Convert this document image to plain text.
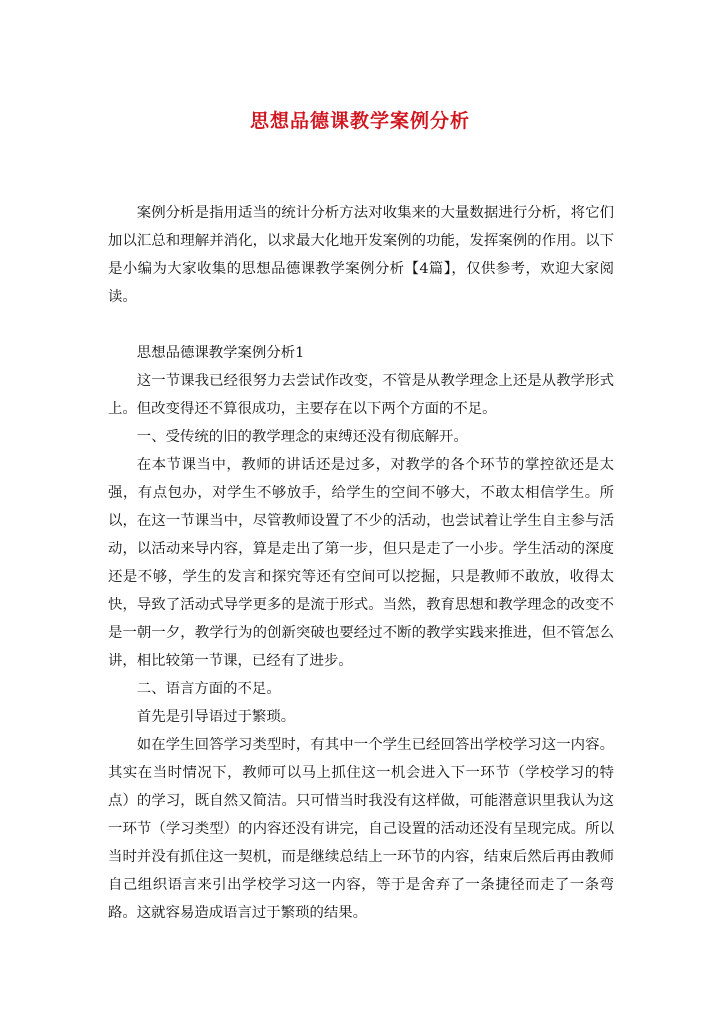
思想品德课教学案例分析

案例分析是指用适当的统计分析方法对收集来的大量数据进行分析，将它们加以汇总和理解并消化，以求最大化地开发案例的功能，发挥案例的作用。以下是小编为大家收集的思想品德课教学案例分析【4篇】，仅供参考，欢迎大家阅读。

思想品德课教学案例分析1

这一节课我已经很努力去尝试作改变，不管是从教学理念上还是从教学形式上。但改变得还不算很成功，主要存在以下两个方面的不足。

一、受传统的旧的教学理念的束缚还没有彻底解开。

在本节课当中，教师的讲话还是过多，对教学的各个环节的掌控欲还是太强，有点包办，对学生不够放手，给学生的空间不够大，不敢太相信学生。所以，在这一节课当中，尽管教师设置了不少的活动，也尝试着让学生自主参与活动，以活动来导内容，算是走出了第一步，但只是走了一小步。学生活动的深度还是不够，学生的发言和探究等还有空间可以挖掘，只是教师不敢放，收得太快，导致了活动式导学更多的是流于形式。当然，教育思想和教学理念的改变不是一朝一夕，教学行为的创新突破也要经过不断的教学实践来推进，但不管怎么讲，相比较第一节课，已经有了进步。

二、语言方面的不足。

首先是引导语过于繁琐。

如在学生回答学习类型时，有其中一个学生已经回答出学校学习这一内容。其实在当时情况下，教师可以马上抓住这一机会进入下一环节（学校学习的特点）的学习，既自然又简洁。只可惜当时我没有这样做，可能潜意识里我认为这一环节（学习类型）的内容还没有讲完，自己设置的活动还没有呈现完成。所以当时并没有抓住这一契机，而是继续总结上一环节的内容，结束后然后再由教师自己组织语言来引出学校学习这一内容，等于是舍弃了一条捷径而走了一条弯路。这就容易造成语言过于繁琐的结果。
